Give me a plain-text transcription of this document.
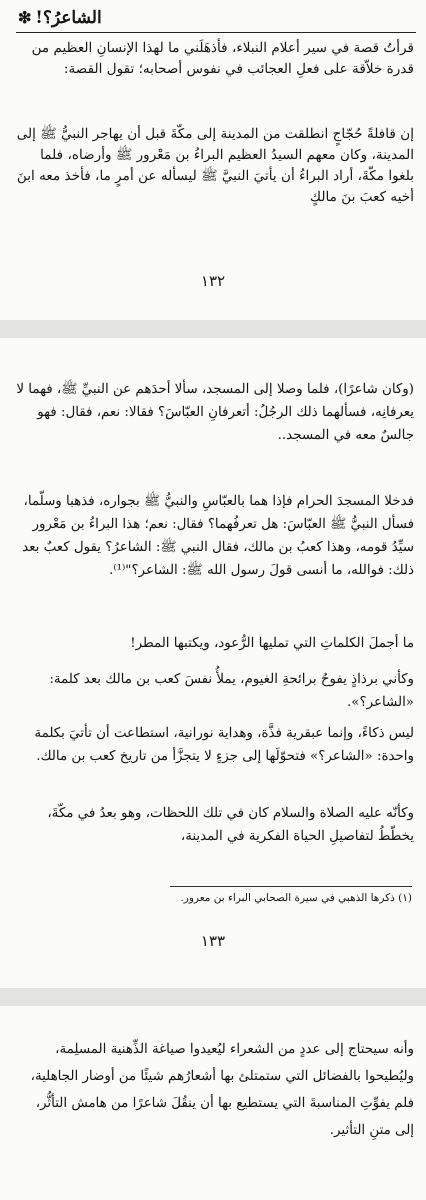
❇ الشاعرُ؟!
قرأتُ قصة في سير أعلام النبلاء، فأذهَلَني ما لهذا الإنسانِ العظيم من قدرة خلاّقة على فعلِ العجائب في نفوس أصحابه؛ تقول القصة:
إن قافلةً حُجّاجٍ انطلقت من المدينة إلى مكّةَ قبل أن يهاجر النبيُّ ﷺ إلى المدينة، وكان معهم السيدُ العظيم البراءُ بن مَعْرور ﷺ وأرضاه، فلما بلغوا مكّةَ، أراد البراءُ أن يأتيَ النبيَّ ﷺ ليسأله عن أمرٍ ما، فأخذ معه ابنَ أخيه كعبَ بنَ مالكٍ
١٣٢
(وكان شاعرًا)، فلما وصلا إلى المسجد، سألا أحدَهم عن النبيِّ ﷺ، فهما لا يعرفانِه، فسألهما ذلك الرجُلُ: أتعرفانِ العبّاسَ؟ فقالا: نعم، فقال: فهو جالسٌ معه في المسجد..
فدخلا المسجدَ الحرام فإذا هما بالعبّاسِ والنبيُّ ﷺ بجواره، فذهبا وسلّما، فسأل النبيُّ ﷺ العبّاسَ: هل تعرفُهما؟ فقال: نعم؛ هذا البراءُ بن مَعْرور سيِّدُ قومه، وهذا كعبُ بن مالك، فقال النبي ﷺ: الشاعرُ؟ يقول كعبٌ بعد ذلك: فوالله، ما أنسى قولَ رسول الله ﷺ: الشاعر؟"⁽¹⁾.
ما أجملَ الكلماتِ التي تمليها الرُّعود، ويكتبها المطر!
وكأني برذاذٍ يفوحُ برائحةِ الغيوم، يملأُ نفسَ كعب بن مالك بعد كلمة: «الشاعر؟».
ليس ذكاءً، وإنما عبقرية فذَّة، وهداية نورانية، استطاعت أن تأتيَ بكلمة واحدة: «الشاعر؟» فتحوّلَها إلى جزءٍ لا يتجزَّأ من تاريخ كعب بن مالك.
وكأنّه عليه الصلاة والسلام كان في تلك اللحظات، وهو بعدُ في مكّةَ، يخطّطُ لتفاصيلِ الحياة الفكرية في المدينة،
(١) ذكرها الذهبي في سيرة الصحابي البراء بن معرور.
١٣٣
وأنه سيحتاج إلى عددٍ من الشعراء ليُعيدوا صياغة الذِّهنية المسلِمة، وليُطيحوا بالفضائل التي ستمتلئ بها أشعارُهم شيئًا من أوضار الجاهلية، فلم يفوِّتِ المناسبةَ التي يستطيع بها أن ينقُلَ شاعرًا من هامش التأثُّر، إلى متنِ التأثير.
